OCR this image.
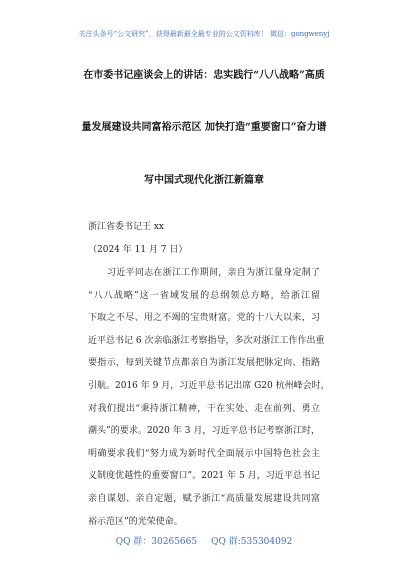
关注头条号“公文研究”，获得最新最全最专业的公文资料库！ 微信：gongwenyj
在市委书记座谈会上的讲话：忠实践行“八八战略”高质
量发展建设共同富裕示范区 加快打造“重要窗口”奋力谱
写中国式现代化浙江新篇章
浙江省委书记王 xx
（2024 年 11 月 7 日）
习近平同志在浙江工作期间，亲自为浙江量身定制了
“八八战略”这一省域发展的总纲领总方略，给浙江留
下取之不尽、用之不竭的宝贵财富。党的十八大以来，习
近平总书记 6 次亲临浙江考察指导，多次对浙江工作作出重
要指示，每到关键节点都亲自为浙江发展把脉定向、指路
引航。2016 年 9 月，习近平总书记出席 G20 杭州峰会时，
对我们提出“秉持浙江精神，干在实处、走在前列、勇立
潮头”的要求。2020 年 3 月，习近平总书记考察浙江时，
明确要求我们“努力成为新时代全面展示中国特色社会主
义制度优越性的重要窗口”。2021 年 5 月，习近平总书记
亲自谋划、亲自定题，赋予浙江“高质量发展建设共同富
裕示范区”的光荣使命。
QQ 群：30265665 QQ 群:535304092
